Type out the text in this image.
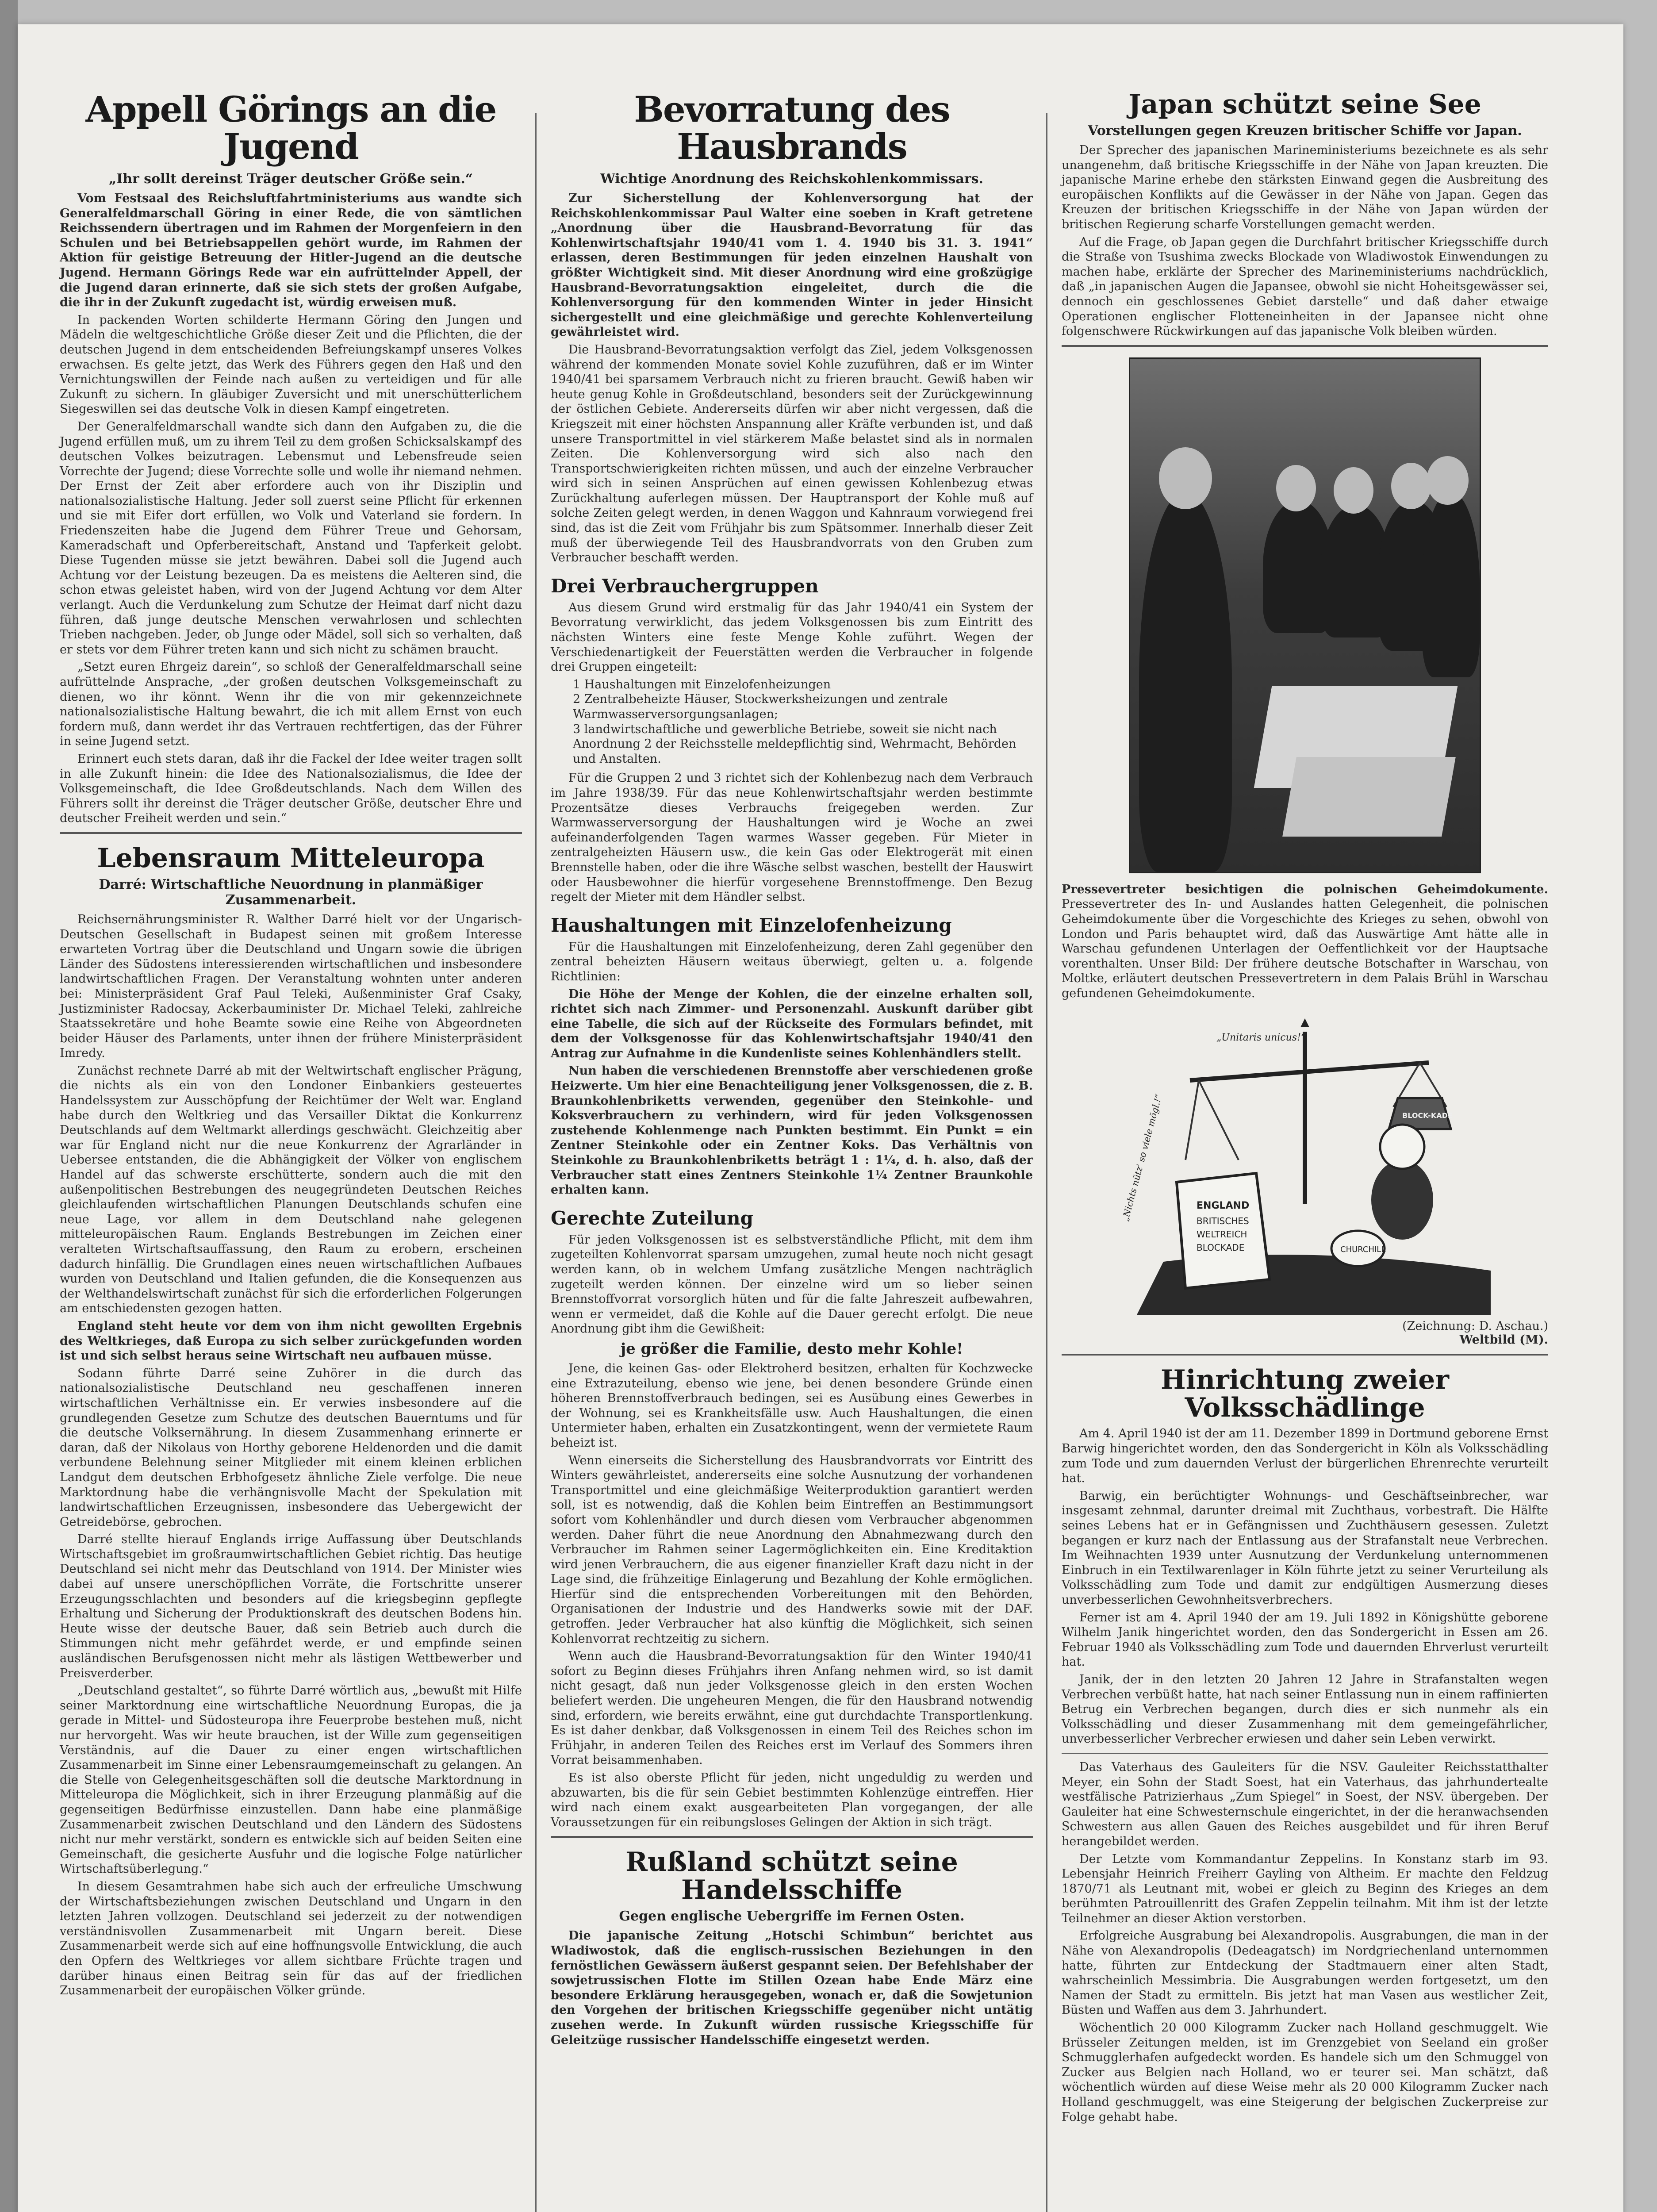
Appell Görings an die Jugend
„Ihr sollt dereinst Träger deutscher Größe sein.“

Vom Festsaal des Reichsluftfahrtministeriums aus wandte sich Generalfeldmarschall Göring in einer Rede, die von sämtlichen Reichssendern übertragen und im Rahmen der Morgenfeiern in den Schulen und bei Betriebsappellen gehört wurde, im Rahmen der Aktion für geistige Betreuung der Hitler-Jugend an die deutsche Jugend. Hermann Görings Rede war ein aufrüttelnder Appell, der die Jugend daran erinnerte, daß sie sich stets der großen Aufgabe, die ihr in der Zukunft zugedacht ist, würdig erweisen muß.

In packenden Worten schilderte Hermann Göring den Jungen und Mädeln die weltgeschichtliche Größe dieser Zeit und die Pflichten, die der deutschen Jugend in dem entscheidenden Befreiungskampf unseres Volkes erwachsen. Es gelte jetzt, das Werk des Führers gegen den Haß und den Vernichtungswillen der Feinde nach außen zu verteidigen und für alle Zukunft zu sichern. In gläubiger Zuversicht und mit unerschütterlichem Siegeswillen sei das deutsche Volk in diesen Kampf eingetreten.

Der Generalfeldmarschall wandte sich dann den Aufgaben zu, die die Jugend erfüllen muß, um zu ihrem Teil zu dem großen Schicksalskampf des deutschen Volkes beizutragen. Lebensmut und Lebensfreude seien Vorrechte der Jugend; diese Vorrechte solle und wolle ihr niemand nehmen. Der Ernst der Zeit aber erfordere auch von ihr Disziplin und nationalsozialistische Haltung. Jeder soll zuerst seine Pflicht für erkennen und sie mit Eifer dort erfüllen, wo Volk und Vaterland sie fordern. In Friedenszeiten habe die Jugend dem Führer Treue und Gehorsam, Kameradschaft und Opferbereitschaft, Anstand und Tapferkeit gelobt. Diese Tugenden müsse sie jetzt bewähren. Dabei soll die Jugend auch Achtung vor der Leistung bezeugen. Da es meistens die Aelteren sind, die schon etwas geleistet haben, wird von der Jugend Achtung vor dem Alter verlangt. Auch die Verdunkelung zum Schutze der Heimat darf nicht dazu führen, daß junge deutsche Menschen verwahrlosen und schlechten Trieben nachgeben. Jeder, ob Junge oder Mädel, soll sich so verhalten, daß er stets vor dem Führer treten kann und sich nicht zu schämen braucht.

„Setzt euren Ehrgeiz darein“, so schloß der Generalfeldmarschall seine aufrüttelnde Ansprache, „der großen deutschen Volksgemeinschaft zu dienen, wo ihr könnt. Wenn ihr die von mir gekennzeichnete nationalsozialistische Haltung bewahrt, die ich mit allem Ernst von euch fordern muß, dann werdet ihr das Vertrauen rechtfertigen, das der Führer in seine Jugend setzt.

Erinnert euch stets daran, daß ihr die Fackel der Idee weiter tragen sollt in alle Zukunft hinein: die Idee des Nationalsozialismus, die Idee der Volksgemeinschaft, die Idee Großdeutschlands. Nach dem Willen des Führers sollt ihr dereinst die Träger deutscher Größe, deutscher Ehre und deutscher Freiheit werden und sein.“

Lebensraum Mitteleuropa
Darré: Wirtschaftliche Neuordnung in planmäßiger Zusammenarbeit.

Reichsernährungsminister R. Walther Darré hielt vor der Ungarisch-Deutschen Gesellschaft in Budapest seinen mit großem Interesse erwarteten Vortrag über die Deutschland und Ungarn sowie die übrigen Länder des Südostens interessierenden wirtschaftlichen und insbesondere landwirtschaftlichen Fragen. Der Veranstaltung wohnten unter anderen bei: Ministerpräsident Graf Paul Teleki, Außenminister Graf Csaky, Justizminister Radocsay, Ackerbauminister Dr. Michael Teleki, zahlreiche Staatssekretäre und hohe Beamte sowie eine Reihe von Abgeordneten beider Häuser des Parlaments, unter ihnen der frühere Ministerpräsident Imredy.

Zunächst rechnete Darré ab mit der Weltwirtschaft englischer Prägung, die nichts als ein von den Londoner Einbankiers gesteuertes Handelssystem zur Ausschöpfung der Reichtümer der Welt war. England habe durch den Weltkrieg und das Versailler Diktat die Konkurrenz Deutschlands auf dem Weltmarkt allerdings geschwächt. Gleichzeitig aber war für England nicht nur die neue Konkurrenz der Agrarländer in Uebersee entstanden, die die Abhängigkeit der Völker von englischem Handel auf das schwerste erschütterte, sondern auch die mit den außenpolitischen Bestrebungen des neugegründeten Deutschen Reiches gleichlaufenden wirtschaftlichen Planungen Deutschlands schufen eine neue Lage, vor allem in dem Deutschland nahe gelegenen mitteleuropäischen Raum. Englands Bestrebungen im Zeichen einer veralteten Wirtschaftsauffassung, den Raum zu erobern, erscheinen dadurch hinfällig. Die Grundlagen eines neuen wirtschaftlichen Aufbaues wurden von Deutschland und Italien gefunden, die die Konsequenzen aus der Welthandelswirtschaft zunächst für sich die erforderlichen Folgerungen am entschiedensten gezogen hatten.

England steht heute vor dem von ihm nicht gewollten Ergebnis des Weltkrieges, daß Europa zu sich selber zurückgefunden worden ist und sich selbst heraus seine Wirtschaft neu aufbauen müsse.

Sodann führte Darré seine Zuhörer in die durch das nationalsozialistische Deutschland neu geschaffenen inneren wirtschaftlichen Verhältnisse ein. Er verwies insbesondere auf die grundlegenden Gesetze zum Schutze des deutschen Bauerntums und für die deutsche Volksernährung. In diesem Zusammenhang erinnerte er daran, daß der Nikolaus von Horthy geborene Heldenorden und die damit verbundene Belehnung seiner Mitglieder mit einem kleinen erblichen Landgut dem deutschen Erbhofgesetz ähnliche Ziele verfolge. Die neue Marktordnung habe die verhängnisvolle Macht der Spekulation mit landwirtschaftlichen Erzeugnissen, insbesondere das Uebergewicht der Getreidebörse, gebrochen.

Darré stellte hierauf Englands irrige Auffassung über Deutschlands Wirtschaftsgebiet im großraumwirtschaftlichen Gebiet richtig. Das heutige Deutschland sei nicht mehr das Deutschland von 1914. Der Minister wies dabei auf unsere unerschöpflichen Vorräte, die Fortschritte unserer Erzeugungsschlachten und besonders auf die kriegsbeginn gepflegte Erhaltung und Sicherung der Produktionskraft des deutschen Bodens hin. Heute wisse der deutsche Bauer, daß sein Betrieb auch durch die Stimmungen nicht mehr gefährdet werde, er und empfinde seinen ausländischen Berufsgenossen nicht mehr als lästigen Wettbewerber und Preisverderber.

„Deutschland gestaltet“, so führte Darré wörtlich aus, „bewußt mit Hilfe seiner Marktordnung eine wirtschaftliche Neuordnung Europas, die ja gerade in Mittel- und Südosteuropa ihre Feuerprobe bestehen muß, nicht nur hervorgeht. Was wir heute brauchen, ist der Wille zum gegenseitigen Verständnis, auf die Dauer zu einer engen wirtschaftlichen Zusammenarbeit im Sinne einer Lebensraumgemeinschaft zu gelangen. An die Stelle von Gelegenheitsgeschäften soll die deutsche Marktordnung in Mitteleuropa die Möglichkeit, sich in ihrer Erzeugung planmäßig auf die gegenseitigen Bedürfnisse einzustellen. Dann habe eine planmäßige Zusammenarbeit zwischen Deutschland und den Ländern des Südostens nicht nur mehr verstärkt, sondern es entwickle sich auf beiden Seiten eine Gemeinschaft, die gesicherte Ausfuhr und die logische Folge natürlicher Wirtschaftsüberlegung.“

In diesem Gesamtrahmen habe sich auch der erfreuliche Umschwung der Wirtschaftsbeziehungen zwischen Deutschland und Ungarn in den letzten Jahren vollzogen. Deutschland sei jederzeit zu der notwendigen verständnisvollen Zusammenarbeit mit Ungarn bereit. Diese Zusammenarbeit werde sich auf eine hoffnungsvolle Entwicklung, die auch den Opfern des Weltkrieges vor allem sichtbare Früchte tragen und darüber hinaus einen Beitrag sein für das auf der friedlichen Zusammenarbeit der europäischen Völker gründe.

Bevorratung des Hausbrands
Wichtige Anordnung des Reichskohlenkommissars.

Zur Sicherstellung der Kohlenversorgung hat der Reichskohlenkommissar Paul Walter eine soeben in Kraft getretene „Anordnung über die Hausbrand-Bevorratung für das Kohlenwirtschaftsjahr 1940/41 vom 1. 4. 1940 bis 31. 3. 1941“ erlassen, deren Bestimmungen für jeden einzelnen Haushalt von größter Wichtigkeit sind. Mit dieser Anordnung wird eine großzügige Hausbrand-Bevorratungsaktion eingeleitet, durch die die Kohlenversorgung für den kommenden Winter in jeder Hinsicht sichergestellt und eine gleichmäßige und gerechte Kohlenverteilung gewährleistet wird.

Die Hausbrand-Bevorratungsaktion verfolgt das Ziel, jedem Volksgenossen während der kommenden Monate soviel Kohle zuzuführen, daß er im Winter 1940/41 bei sparsamem Verbrauch nicht zu frieren braucht. Gewiß haben wir heute genug Kohle in Großdeutschland, besonders seit der Zurückgewinnung der östlichen Gebiete. Andererseits dürfen wir aber nicht vergessen, daß die Kriegszeit mit einer höchsten Anspannung aller Kräfte verbunden ist, und daß unsere Transportmittel in viel stärkerem Maße belastet sind als in normalen Zeiten. Die Kohlenversorgung wird sich also nach den Transportschwierigkeiten richten müssen, und auch der einzelne Verbraucher wird sich in seinen Ansprüchen auf einen gewissen Kohlenbezug etwas Zurückhaltung auferlegen müssen. Der Hauptransport der Kohle muß auf solche Zeiten gelegt werden, in denen Waggon und Kahnraum vorwiegend frei sind, das ist die Zeit vom Frühjahr bis zum Spätsommer. Innerhalb dieser Zeit muß der überwiegende Teil des Hausbrandvorrats von den Gruben zum Verbraucher beschafft werden.

Drei Verbrauchergruppen

Aus diesem Grund wird erstmalig für das Jahr 1940/41 ein System der Bevorratung verwirklicht, das jedem Volksgenossen bis zum Eintritt des nächsten Winters eine feste Menge Kohle zuführt. Wegen der Verschiedenartigkeit der Feuerstätten werden die Verbraucher in folgende drei Gruppen eingeteilt:

1 Haushaltungen mit Einzelofenheizungen
2 Zentralbeheizte Häuser, Stockwerksheizungen und zentrale Warmwasserversorgungsanlagen;
3 landwirtschaftliche und gewerbliche Betriebe, soweit sie nicht nach Anordnung 2 der Reichsstelle meldepflichtig sind, Wehrmacht, Behörden und Anstalten.

Für die Gruppen 2 und 3 richtet sich der Kohlenbezug nach dem Verbrauch im Jahre 1938/39. Für das neue Kohlenwirtschaftsjahr werden bestimmte Prozentsätze dieses Verbrauchs freigegeben werden. Zur Warmwasserversorgung der Haushaltungen wird je Woche an zwei aufeinanderfolgenden Tagen warmes Wasser gegeben. Für Mieter in zentralgeheizten Häusern usw., die kein Gas oder Elektrogerät mit einen Brennstelle haben, oder die ihre Wäsche selbst waschen, bestellt der Hauswirt oder Hausbewohner die hierfür vorgesehene Brennstoffmenge. Den Bezug regelt der Mieter mit dem Händler selbst.

Haushaltungen mit Einzelofenheizung

Für die Haushaltungen mit Einzelofenheizung, deren Zahl gegenüber den zentral beheizten Häusern weitaus überwiegt, gelten u. a. folgende Richtlinien:

Die Höhe der Menge der Kohlen, die der einzelne erhalten soll, richtet sich nach Zimmer- und Personenzahl. Auskunft darüber gibt eine Tabelle, die sich auf der Rückseite des Formulars befindet, mit dem der Volksgenosse für das Kohlenwirtschaftsjahr 1940/41 den Antrag zur Aufnahme in die Kundenliste seines Kohlenhändlers stellt.

Nun haben die verschiedenen Brennstoffe aber verschiedenen große Heizwerte. Um hier eine Benachteiligung jener Volksgenossen, die z. B. Braunkohlenbriketts verwenden, gegenüber den Steinkohle- und Koksverbrauchern zu verhindern, wird für jeden Volksgenossen zustehende Kohlenmenge nach Punkten bestimmt. Ein Punkt = ein Zentner Steinkohle oder ein Zentner Koks. Das Verhältnis von Steinkohle zu Braunkohlenbriketts beträgt 1 : 1¼, d. h. also, daß der Verbraucher statt eines Zentners Steinkohle 1¼ Zentner Braunkohle erhalten kann.

Gerechte Zuteilung

Für jeden Volksgenossen ist es selbstverständliche Pflicht, mit dem ihm zugeteilten Kohlenvorrat sparsam umzugehen, zumal heute noch nicht gesagt werden kann, ob in welchem Umfang zusätzliche Mengen nachträglich zugeteilt werden können. Der einzelne wird um so lieber seinen Brennstoffvorrat vorsorglich hüten und für die falte Jahreszeit aufbewahren, wenn er vermeidet, daß die Kohle auf die Dauer gerecht erfolgt. Die neue Anordnung gibt ihm die Gewißheit:

je größer die Familie, desto mehr Kohle!

Jene, die keinen Gas- oder Elektroherd besitzen, erhalten für Kochzwecke eine Extrazuteilung, ebenso wie jene, bei denen besondere Gründe einen höheren Brennstoffverbrauch bedingen, sei es Ausübung eines Gewerbes in der Wohnung, sei es Krankheitsfälle usw. Auch Haushaltungen, die einen Untermieter haben, erhalten ein Zusatzkontingent, wenn der vermietete Raum beheizt ist.

Wenn einerseits die Sicherstellung des Hausbrandvorrats vor Eintritt des Winters gewährleistet, andererseits eine solche Ausnutzung der vorhandenen Transportmittel und eine gleichmäßige Weiterproduktion garantiert werden soll, ist es notwendig, daß die Kohlen beim Eintreffen an Bestimmungsort sofort vom Kohlenhändler und durch diesen vom Verbraucher abgenommen werden. Daher führt die neue Anordnung den Abnahmezwang durch den Verbraucher im Rahmen seiner Lagermöglichkeiten ein. Eine Kreditaktion wird jenen Verbrauchern, die aus eigener finanzieller Kraft dazu nicht in der Lage sind, die frühzeitige Einlagerung und Bezahlung der Kohle ermöglichen. Hierfür sind die entsprechenden Vorbereitungen mit den Behörden, Organisationen der Industrie und des Handwerks sowie mit der DAF. getroffen. Jeder Verbraucher hat also künftig die Möglichkeit, sich seinen Kohlenvorrat rechtzeitig zu sichern.

Wenn auch die Hausbrand-Bevorratungsaktion für den Winter 1940/41 sofort zu Beginn dieses Frühjahrs ihren Anfang nehmen wird, so ist damit nicht gesagt, daß nun jeder Volksgenosse gleich in den ersten Wochen beliefert werden. Die ungeheuren Mengen, die für den Hausbrand notwendig sind, erfordern, wie bereits erwähnt, eine gut durchdachte Transportlenkung. Es ist daher denkbar, daß Volksgenossen in einem Teil des Reiches schon im Frühjahr, in anderen Teilen des Reiches erst im Verlauf des Sommers ihren Vorrat beisammenhaben.

Es ist also oberste Pflicht für jeden, nicht ungeduldig zu werden und abzuwarten, bis die für sein Gebiet bestimmten Kohlenzüge eintreffen. Hier wird nach einem exakt ausgearbeiteten Plan vorgegangen, der alle Voraussetzungen für ein reibungsloses Gelingen der Aktion in sich trägt.

Rußland schützt seine Handelsschiffe
Gegen englische Uebergriffe im Fernen Osten.

Die japanische Zeitung „Hotschi Schimbun“ berichtet aus Wladiwostok, daß die englisch-russischen Beziehungen in den fernöstlichen Gewässern äußerst gespannt seien. Der Befehlshaber der sowjetrussischen Flotte im Stillen Ozean habe Ende März eine besondere Erklärung herausgegeben, wonach er, daß die Sowjetunion den Vorgehen der britischen Kriegsschiffe gegenüber nicht untätig zusehen werde. In Zukunft würden russische Kriegsschiffe für Geleitzüge russischer Handelsschiffe eingesetzt werden.

Japan schützt seine See
Vorstellungen gegen Kreuzen britischer Schiffe vor Japan.

Der Sprecher des japanischen Marineministeriums bezeichnete es als sehr unangenehm, daß britische Kriegsschiffe in der Nähe von Japan kreuzten. Die japanische Marine erhebe den stärksten Einwand gegen die Ausbreitung des europäischen Konflikts auf die Gewässer in der Nähe von Japan. Gegen das Kreuzen der britischen Kriegsschiffe in der Nähe von Japan würden der britischen Regierung scharfe Vorstellungen gemacht werden.

Auf die Frage, ob Japan gegen die Durchfahrt britischer Kriegsschiffe durch die Straße von Tsushima zwecks Blockade von Wladiwostok Einwendungen zu machen habe, erklärte der Sprecher des Marineministeriums nachdrücklich, daß „in japanischen Augen die Japansee, obwohl sie nicht Hoheitsgewässer sei, dennoch ein geschlossenes Gebiet darstelle“ und daß daher etwaige Operationen englischer Flotteneinheiten in der Japansee nicht ohne folgenschwere Rückwirkungen auf das japanische Volk bleiben würden.

Pressevertreter besichtigen die polnischen Geheimdokumente. Pressevertreter des In- und Auslandes hatten Gelegenheit, die polnischen Geheimdokumente über die Vorgeschichte des Krieges zu sehen, obwohl von London und Paris behauptet wird, daß das Auswärtige Amt hätte alle in Warschau gefundenen Unterlagen der Oeffentlichkeit vor der Hauptsache vorenthalten. Unser Bild: Der frühere deutsche Botschafter in Warschau, von Moltke, erläutert deutschen Pressevertretern in dem Palais Brühl in Warschau gefundenen Geheimdokumente.
„Unitaris unicus!“
„Nichts nütz' so viele mögl.!“	ENGLAND
BRITISCHES
WELTREICH
BLOCKADE
BLOCK-KADE
CHURCHILL
(Zeichnung: D. Aschau.)
Weltbild (M).
Hinrichtung zweier Volksschädlinge

Am 4. April 1940 ist der am 11. Dezember 1899 in Dortmund geborene Ernst Barwig hingerichtet worden, den das Sondergericht in Köln als Volksschädling zum Tode und zum dauernden Verlust der bürgerlichen Ehrenrechte verurteilt hat.

Barwig, ein berüchtigter Wohnungs- und Geschäftseinbrecher, war insgesamt zehnmal, darunter dreimal mit Zuchthaus, vorbestraft. Die Hälfte seines Lebens hat er in Gefängnissen und Zuchthäusern gesessen. Zuletzt begangen er kurz nach der Entlassung aus der Strafanstalt neue Verbrechen. Im Weihnachten 1939 unter Ausnutzung der Verdunkelung unternommenen Einbruch in ein Textilwarenlager in Köln führte jetzt zu seiner Verurteilung als Volksschädling zum Tode und damit zur endgültigen Ausmerzung dieses unverbesserlichen Gewohnheitsverbrechers.

Ferner ist am 4. April 1940 der am 19. Juli 1892 in Königshütte geborene Wilhelm Janik hingerichtet worden, den das Sondergericht in Essen am 26. Februar 1940 als Volksschädling zum Tode und dauernden Ehrverlust verurteilt hat.

Janik, der in den letzten 20 Jahren 12 Jahre in Strafanstalten wegen Verbrechen verbüßt hatte, hat nach seiner Entlassung nun in einem raffinierten Betrug ein Verbrechen begangen, durch dies er sich nunmehr als ein Volksschädling und dieser Zusammenhang mit dem gemeingefährlicher, unverbesserlicher Verbrecher erwiesen und daher sein Leben verwirkt.

Das Vaterhaus des Gauleiters für die NSV. Gauleiter Reichsstatthalter Meyer, ein Sohn der Stadt Soest, hat ein Vaterhaus, das jahrhundertealte westfälische Patrizierhaus „Zum Spiegel“ in Soest, der NSV. übergeben. Der Gauleiter hat eine Schwesternschule eingerichtet, in der die heranwachsenden Schwestern aus allen Gauen des Reiches ausgebildet und für ihren Beruf herangebildet werden.

Der Letzte vom Kommandantur Zeppelins. In Konstanz starb im 93. Lebensjahr Heinrich Freiherr Gayling von Altheim. Er machte den Feldzug 1870/71 als Leutnant mit, wobei er gleich zu Beginn des Krieges an dem berühmten Patrouillenritt des Grafen Zeppelin teilnahm. Mit ihm ist der letzte Teilnehmer an dieser Aktion verstorben.

Erfolgreiche Ausgrabung bei Alexandropolis. Ausgrabungen, die man in der Nähe von Alexandropolis (Dedeagatsch) im Nordgriechenland unternommen hatte, führten zur Entdeckung der Stadtmauern einer alten Stadt, wahrscheinlich Messimbria. Die Ausgrabungen werden fortgesetzt, um den Namen der Stadt zu ermitteln. Bis jetzt hat man Vasen aus westlicher Zeit, Büsten und Waffen aus dem 3. Jahrhundert.

Wöchentlich 20 000 Kilogramm Zucker nach Holland geschmuggelt. Wie Brüsseler Zeitungen melden, ist im Grenzgebiet von Seeland ein großer Schmugglerhafen aufgedeckt worden. Es handele sich um den Schmuggel von Zucker aus Belgien nach Holland, wo er teurer sei. Man schätzt, daß wöchentlich würden auf diese Weise mehr als 20 000 Kilogramm Zucker nach Holland geschmuggelt, was eine Steigerung der belgischen Zuckerpreise zur Folge gehabt habe.
